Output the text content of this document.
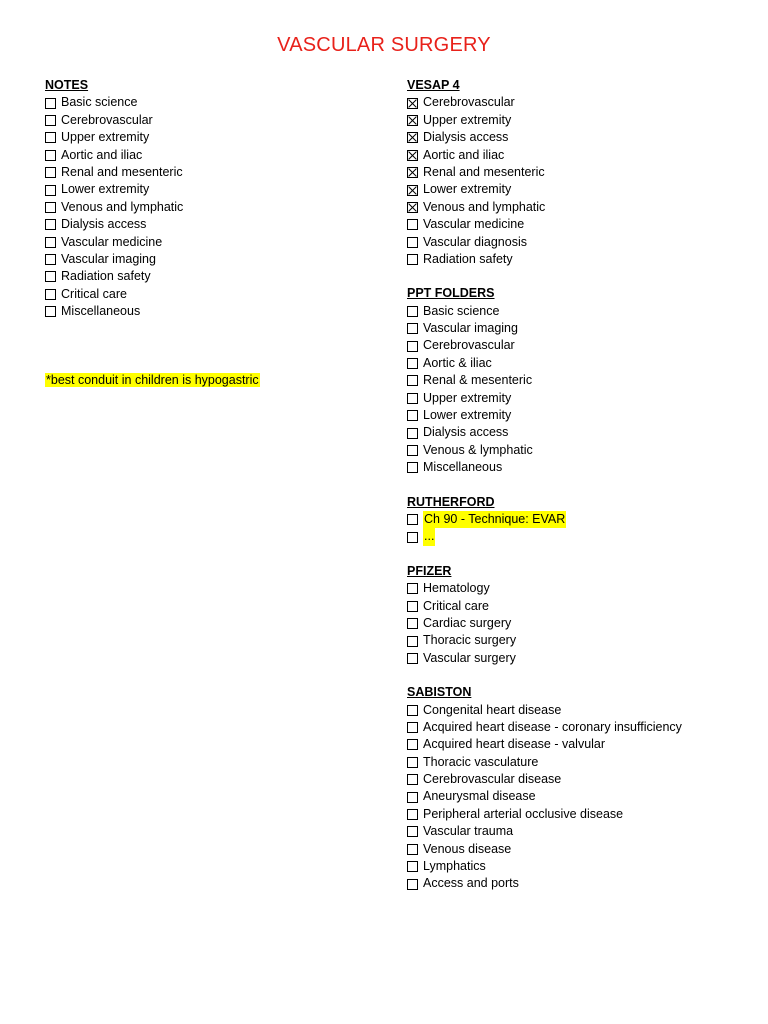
VASCULAR SURGERY
NOTES
Basic science
Cerebrovascular
Upper extremity
Aortic and iliac
Renal and mesenteric
Lower extremity
Venous and lymphatic
Dialysis access
Vascular medicine
Vascular imaging
Radiation safety
Critical care
Miscellaneous
*best conduit in children is hypogastric
VESAP 4
Cerebrovascular
Upper extremity
Dialysis access
Aortic and iliac
Renal and mesenteric
Lower extremity
Venous and lymphatic
Vascular medicine
Vascular diagnosis
Radiation safety
PPT FOLDERS
Basic science
Vascular imaging
Cerebrovascular
Aortic & iliac
Renal & mesenteric
Upper extremity
Lower extremity
Dialysis access
Venous & lymphatic
Miscellaneous
RUTHERFORD
Ch 90 - Technique: EVAR
...
PFIZER
Hematology
Critical care
Cardiac surgery
Thoracic surgery
Vascular surgery
SABISTON
Congenital heart disease
Acquired heart disease - coronary insufficiency
Acquired heart disease - valvular
Thoracic vasculature
Cerebrovascular disease
Aneurysmal disease
Peripheral arterial occlusive disease
Vascular trauma
Venous disease
Lymphatics
Access and ports
